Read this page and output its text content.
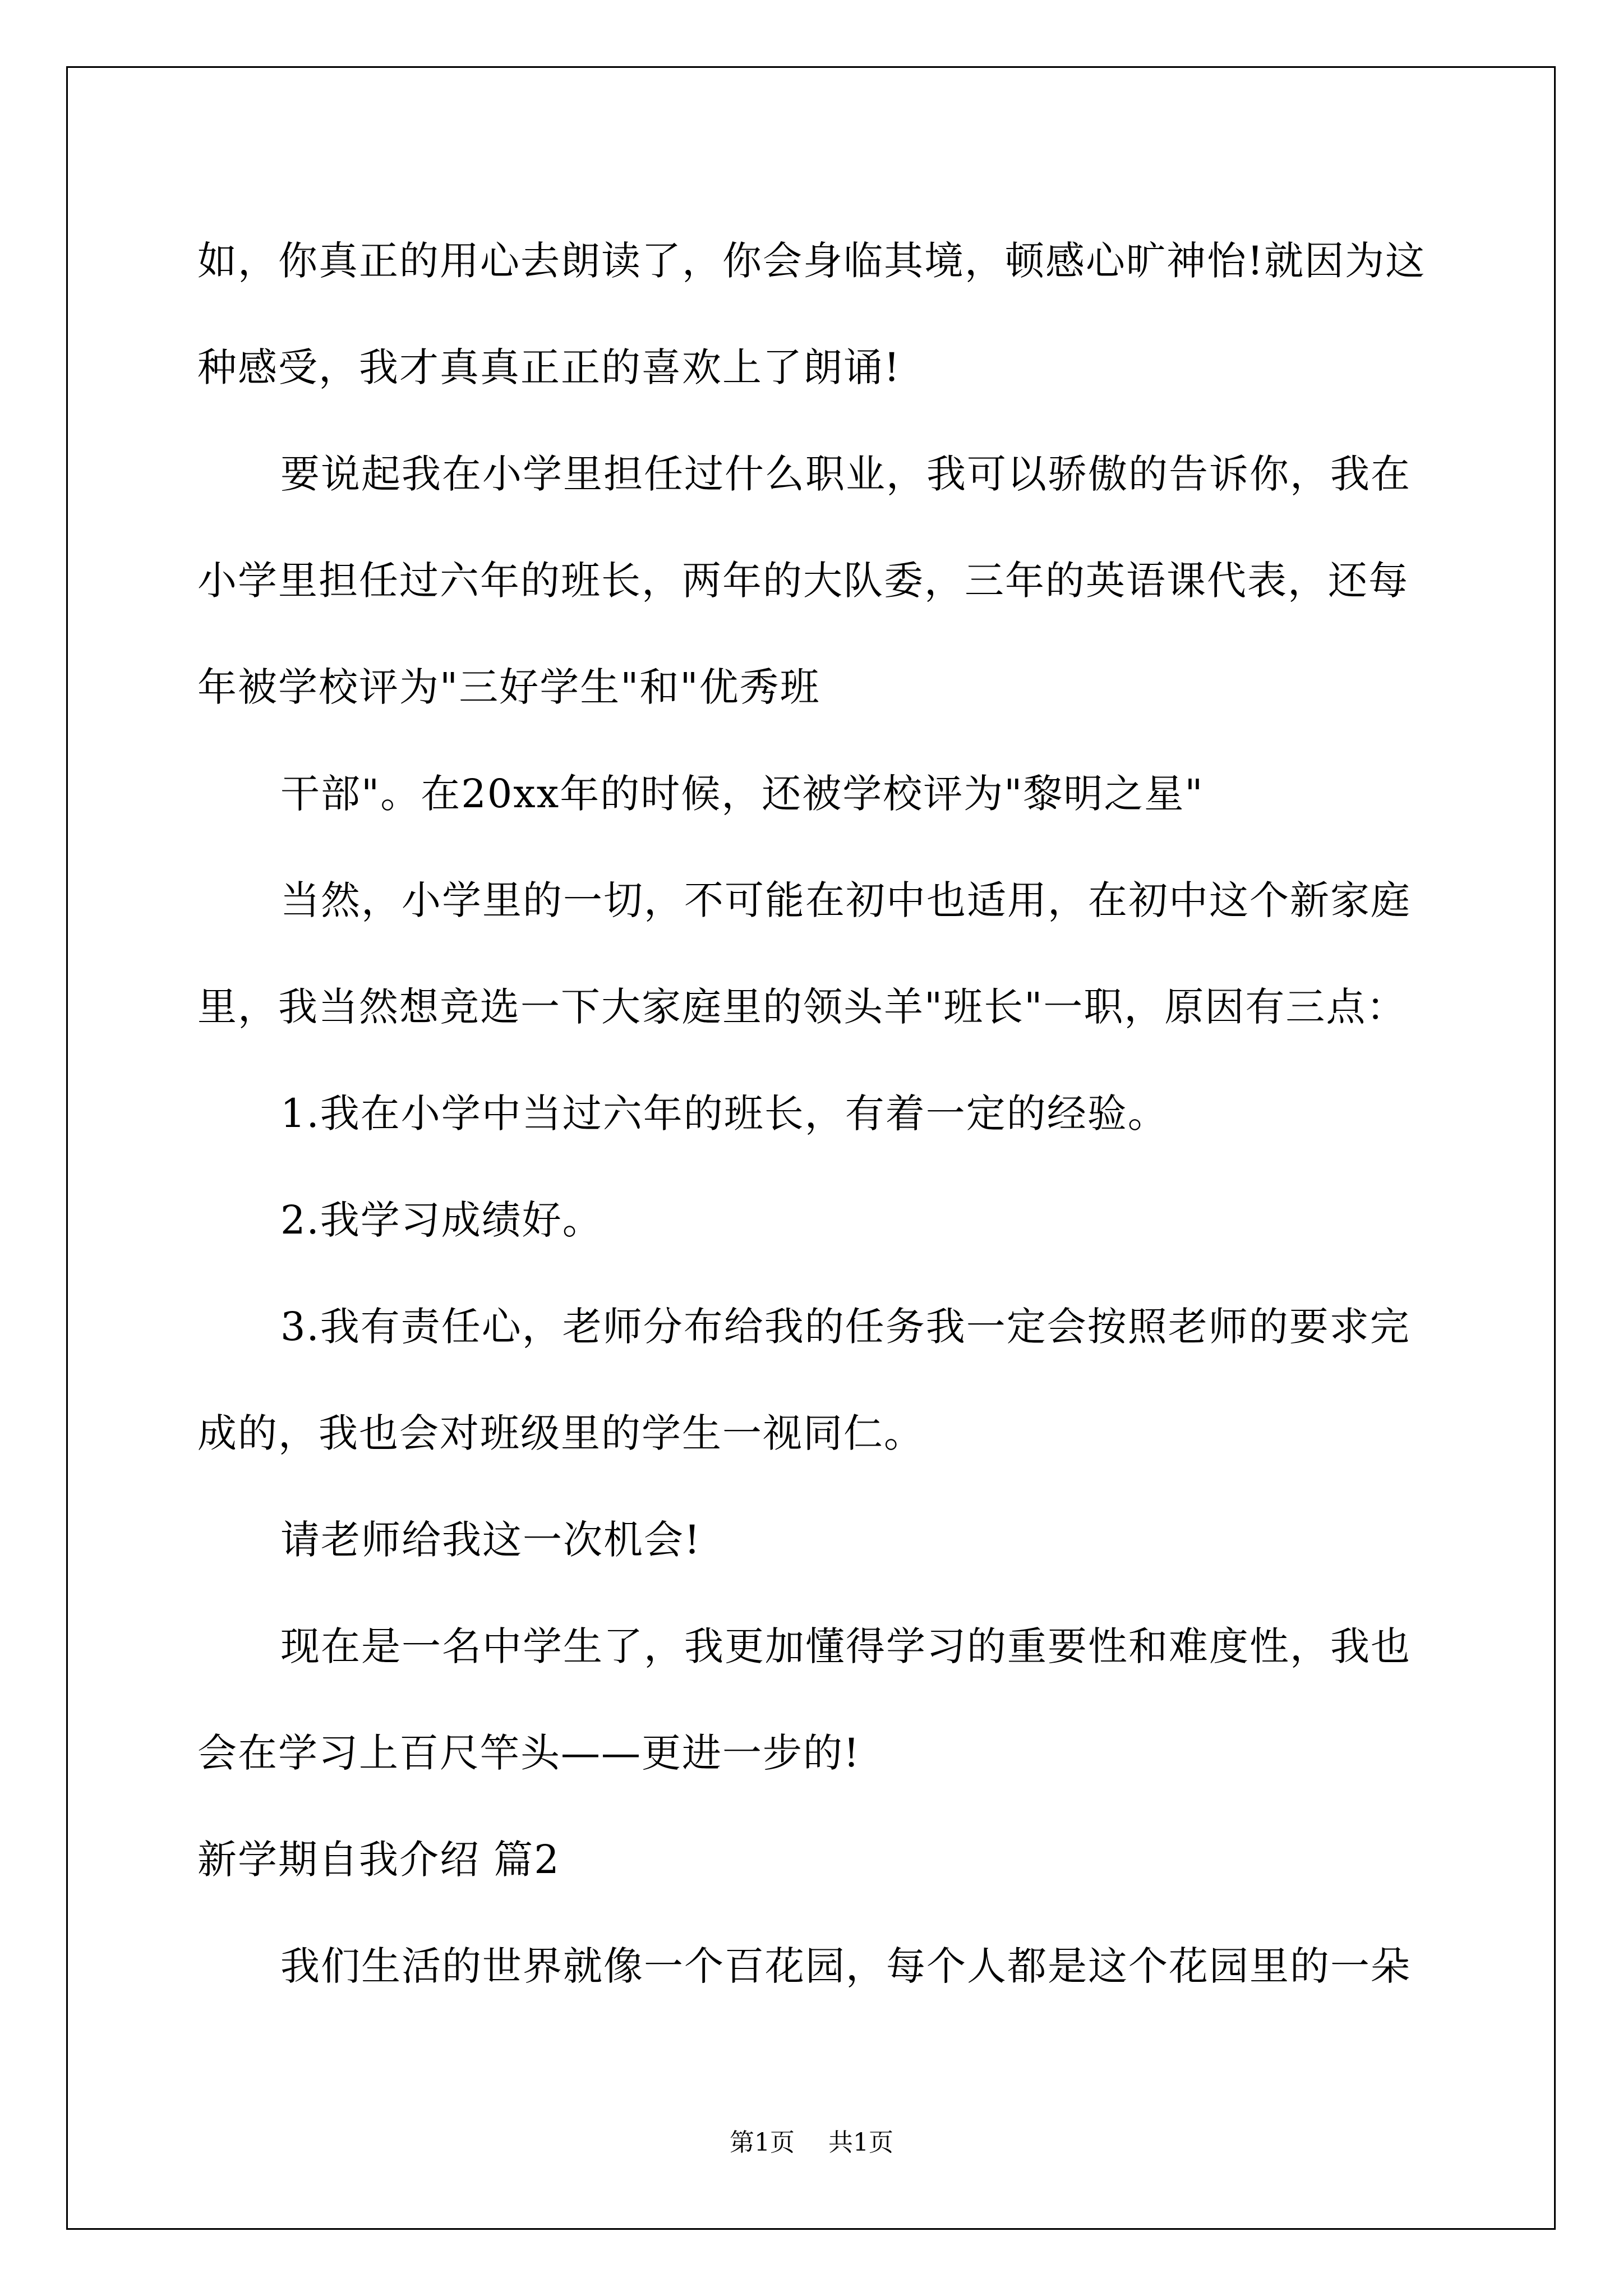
如，你真正的用心去朗读了，你会身临其境，顿感心旷神怡!就因为这
种感受，我才真真正正的喜欢上了朗诵!
要说起我在小学里担任过什么职业，我可以骄傲的告诉你，我在
小学里担任过六年的班长，两年的大队委，三年的英语课代表，还每
年被学校评为"三好学生"和"优秀班
干部"。在20xx年的时候，还被学校评为"黎明之星"
当然，小学里的一切，不可能在初中也适用，在初中这个新家庭
里，我当然想竞选一下大家庭里的领头羊"班长"一职，原因有三点：
1.我在小学中当过六年的班长，有着一定的经验。
2.我学习成绩好。
3.我有责任心，老师分布给我的任务我一定会按照老师的要求完
成的，我也会对班级里的学生一视同仁。
请老师给我这一次机会!
现在是一名中学生了，我更加懂得学习的重要性和难度性，我也
会在学习上百尺竿头——更进一步的!
新学期自我介绍 篇2
我们生活的世界就像一个百花园，每个人都是这个花园里的一朵
第1页 共1页
